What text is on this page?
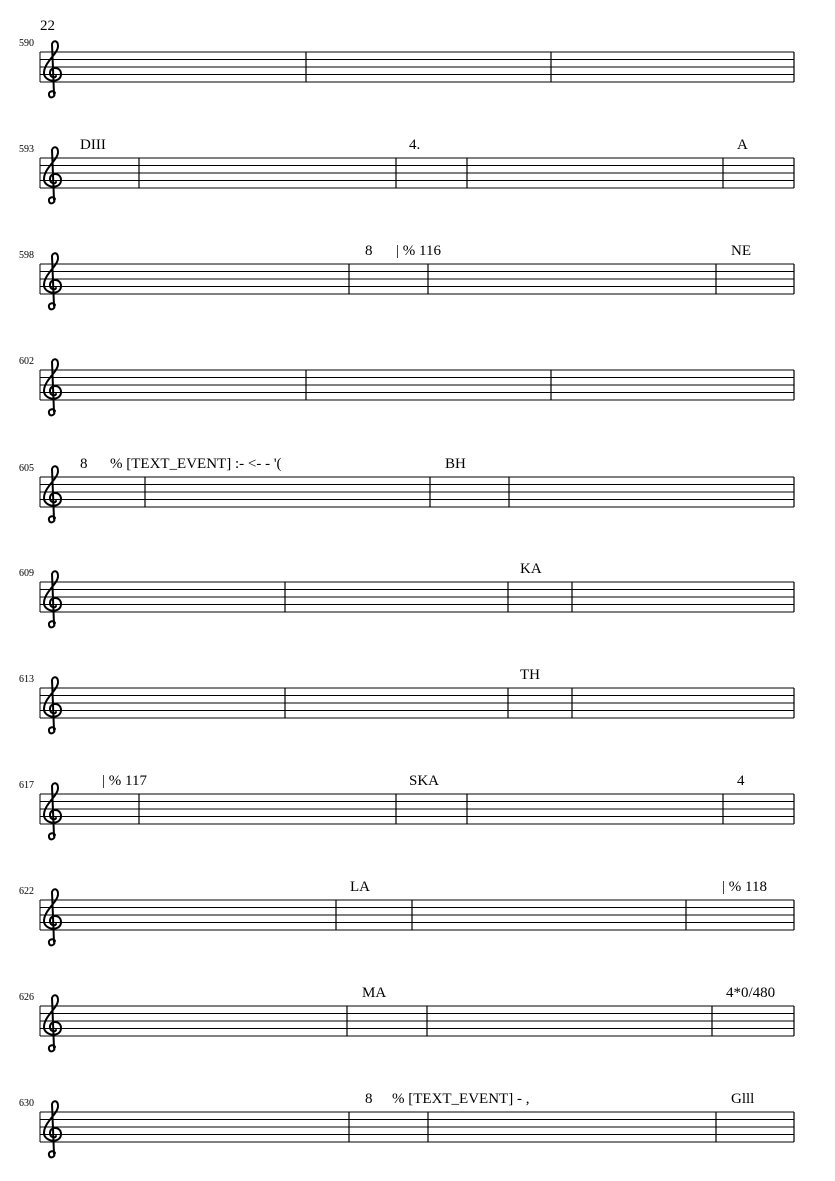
22
590
593	DIII	4.	A
598	8 | % 116	NE
602
605	8 % [TEXT_EVENT] :- <- - '(	BH
609	KA
613	TH
617	| % 117	SKA	4
622	LA	| % 118
626	MA	4*0/480
630	8 % [TEXT_EVENT] - ,	Glll
